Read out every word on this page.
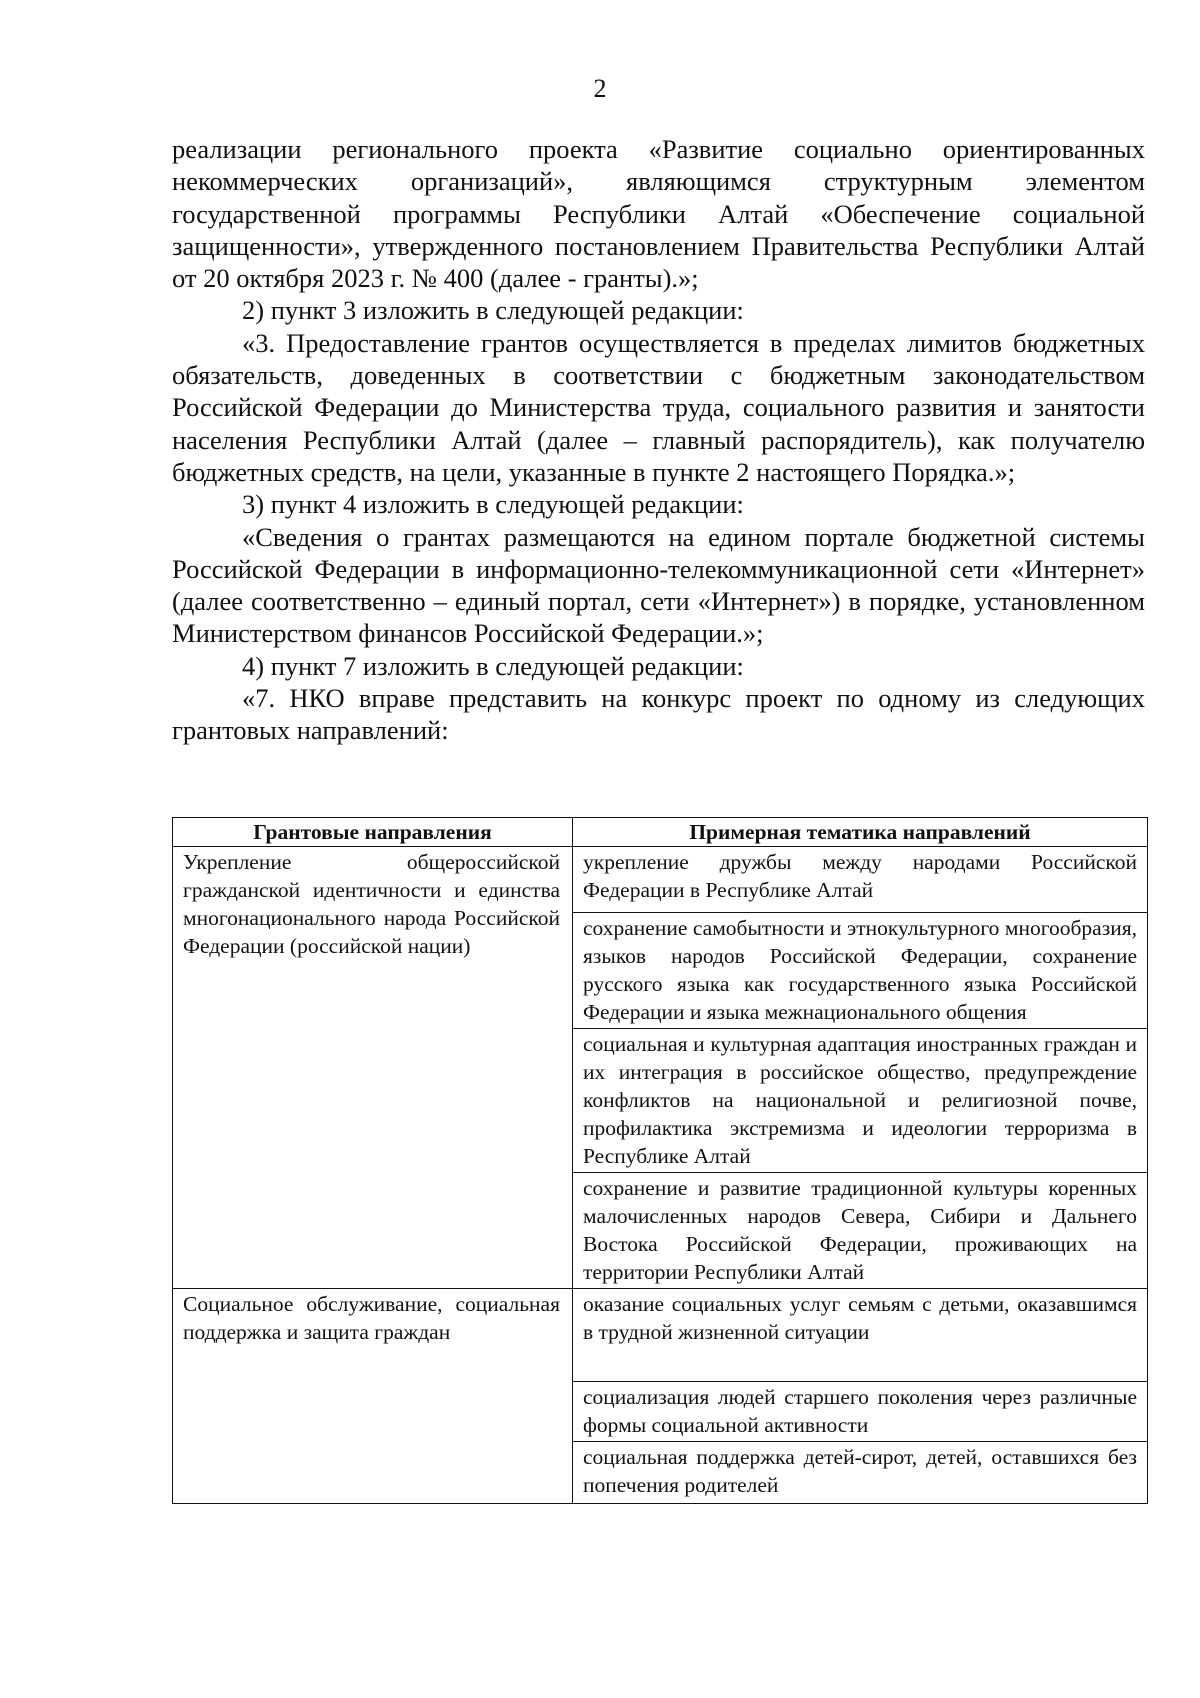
2

реализации регионального проекта «Развитие социально ориентированных некоммерческих организаций», являющимся структурным элементом государственной программы Республики Алтай «Обеспечение социальной защищенности», утвержденного постановлением Правительства Республики Алтай от 20 октября 2023 г. № 400 (далее - гранты).»;

2) пункт 3 изложить в следующей редакции:

«3. Предоставление грантов осуществляется в пределах лимитов бюджетных обязательств, доведенных в соответствии с бюджетным законодательством Российской Федерации до Министерства труда, социального развития и занятости населения Республики Алтай (далее – главный распорядитель), как получателю бюджетных средств, на цели, указанные в пункте 2 настоящего Порядка.»;

3) пункт 4 изложить в следующей редакции:

«Сведения о грантах размещаются на едином портале бюджетной системы Российской Федерации в информационно-телекоммуникационной сети «Интернет» (далее соответственно – единый портал, сети «Интернет») в порядке, установленном Министерством финансов Российской Федерации.»;

4) пункт 7 изложить в следующей редакции:

«7. НКО вправе представить на конкурс проект по одному из следующих грантовых направлений:

Грантовые направления	Примерная тематика направлений
Укрепление общероссийской гражданской идентичности и единства многонационального народа Российской Федерации (российской нации)	укрепление дружбы между народами Российской Федерации в Республике Алтай
	сохранение самобытности и этнокультурного многообразия, языков народов Российской Федерации, сохранение русского языка как государственного языка Российской Федерации и языка межнационального общения
	социальная и культурная адаптация иностранных граждан и их интеграция в российское общество, предупреждение конфликтов на национальной и религиозной почве, профилактика экстремизма и идеологии терроризма в Республике Алтай
	сохранение и развитие традиционной культуры коренных малочисленных народов Севера, Сибири и Дальнего Востока Российской Федерации, проживающих на территории Республики Алтай
Социальное обслуживание, социальная поддержка и защита граждан	оказание социальных услуг семьям с детьми, оказавшимся в трудной жизненной ситуации
	социализация людей старшего поколения через различные формы социальной активности
	социальная поддержка детей-сирот, детей, оставшихся без попечения родителей
